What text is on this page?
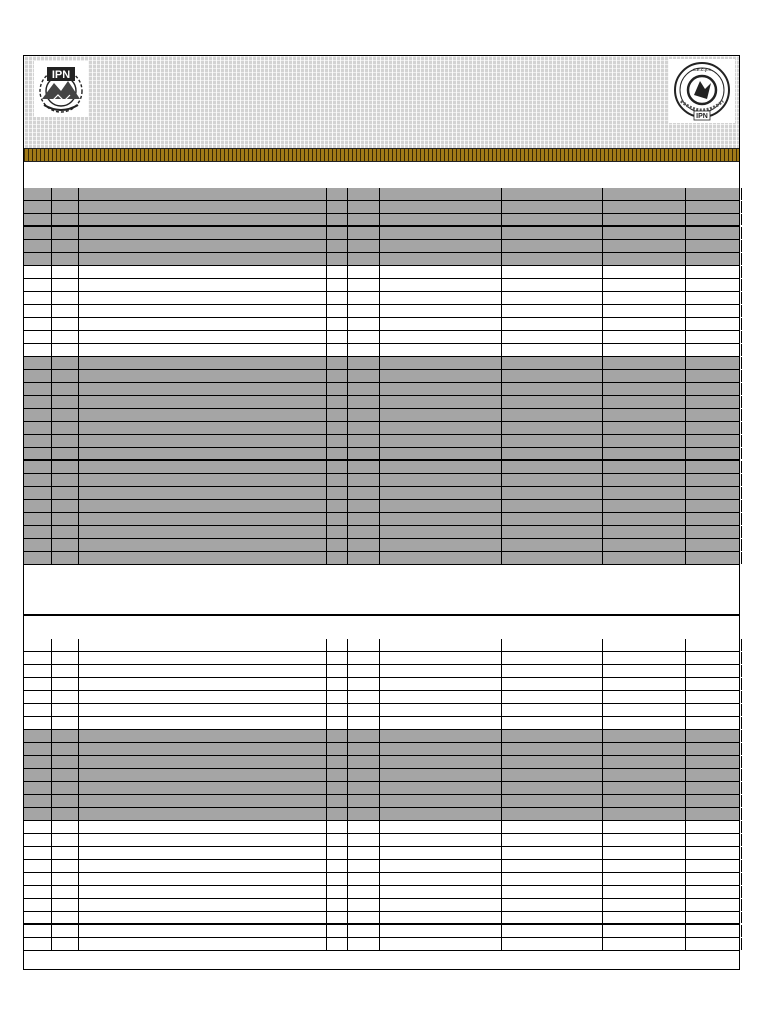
IPN	C.E.C.y.T.
IPN
